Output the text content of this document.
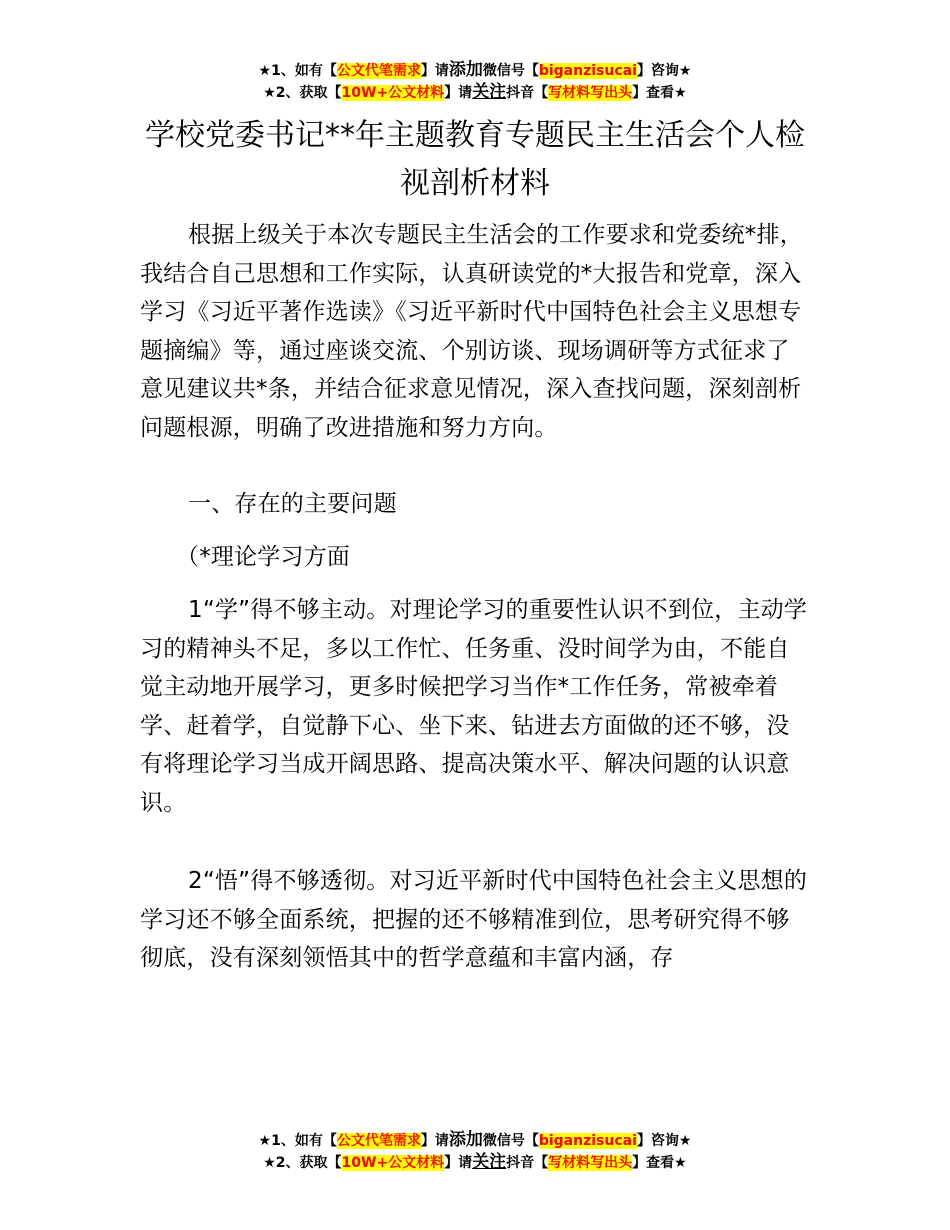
★1、如有【公文代笔需求】请添加微信号【biganzisucai】咨询★
★2、获取【10W+公文材料】请关注抖音【写材料写出头】查看★
学校党委书记**年主题教育专题民主生活会个人检视剖析材料

根据上级关于本次专题民主生活会的工作要求和党委统*排，我结合自己思想和工作实际，认真研读党的*大报告和党章，深入学习《习近平著作选读》《习近平新时代中国特色社会主义思想专题摘编》等，通过座谈交流、个别访谈、现场调研等方式征求了意见建议共*条，并结合征求意见情况，深入查找问题，深刻剖析问题根源，明确了改进措施和努力方向。

一、存在的主要问题

（*理论学习方面

1“学”得不够主动。对理论学习的重要性认识不到位，主动学习的精神头不足，多以工作忙、任务重、没时间学为由，不能自觉主动地开展学习，更多时候把学习当作*工作任务，常被牵着学、赶着学，自觉静下心、坐下来、钻进去方面做的还不够，没有将理论学习当成开阔思路、提高决策水平、解决问题的认识意识。

2“悟”得不够透彻。对习近平新时代中国特色社会主义思想的学习还不够全面系统，把握的还不够精准到位，思考研究得不够彻底，没有深刻领悟其中的哲学意蕴和丰富内涵，存

★1、如有【公文代笔需求】请添加微信号【biganzisucai】咨询★
★2、获取【10W+公文材料】请关注抖音【写材料写出头】查看★
